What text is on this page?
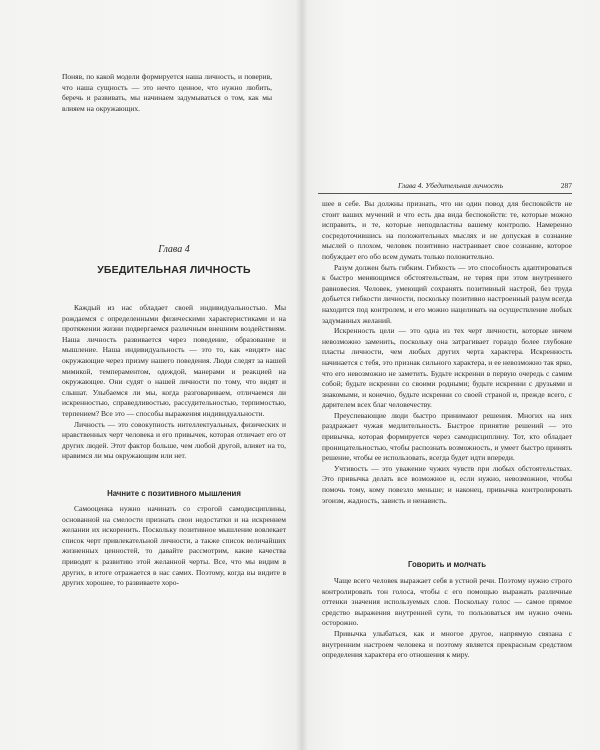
Поняв, по какой модели формируется наша личность, и поверив, что наша сущность — это нечто ценное, что нужно любить, беречь и развивать, мы начинаем задумываться о том, как мы влияем на окружающих.

Глава 4
УБЕДИТЕЛЬНАЯ ЛИЧНОСТЬ

Каждый из нас обладает своей индивидуальностью. Мы рождаемся с определенными физическими характеристиками и на протяжении жизни подвергаемся различным внешним воздействиям. Наша личность развивается через поведение, образование и мышление. Наша индивидуальность — это то, как «видят» нас окружающие через призму нашего поведения. Люди следят за нашей мимикой, темпераментом, одеждой, манерами и реакцией на окружающее. Они судят о нашей личности по тому, что видят и слышат. Улыбаемся ли мы, когда разговариваем, отличаемся ли искренностью, справедливостью, рассудительностью, терпимостью, терпением? Все это — способы выражения индивидуальности.

Личность — это совокупность интеллектуальных, физических и нравственных черт человека и его привычек, которая отличает его от других людей. Этот фактор больше, чем любой другой, влияет на то, нравимся ли мы окружающим или нет.

Начните с позитивного мышления

Самооценка нужно начинать со строгой самодисциплины, основанной на смелости признать свои недостатки и на искреннем желании их искоренить. Поскольку позитивное мышление вовлекает список черт привлекательной личности, а также список величайших жизненных ценностей, то давайте рассмотрим, какие качества приводят к развитию этой желанной черты. Все, что мы видим в других, в итоге отражается в нас самих. Поэтому, когда вы видите в других хорошее, то развиваете хоро-

Глава 4. Убедительная личность	287

шее в себе. Вы должны признать, что ни один повод для беспокойств не стоит ваших мучений и что есть два вида беспокойств: те, которые можно исправить, и те, которые неподвластны вашему контролю. Намеренно сосредоточившись на положительных мыслях и не допуская в сознание мыслей о плохом, человек позитивно настраивает свое сознание, которое побуждает его обо всем думать только положительно.

Разум должен быть гибким. Гибкость — это способность адаптироваться к быстро меняющимся обстоятельствам, не теряя при этом внутреннего равновесия. Человек, умеющий сохранять позитивный настрой, без труда добьется гибкости личности, поскольку позитивно настроенный разум всегда находится под контролем, и его можно нацеливать на осуществление любых задуманных желаний.

Искренность цели — это одна из тех черт личности, которые ничем невозможно заменить, поскольку она затрагивает гораздо более глубокие пласты личности, чем любых других черта характера. Искренность начинается с тебя, это признак сильного характера, и ее невозможно так ярко, что его невозможно не заметить. Будьте искренни в первую очередь с самим собой; будьте искренни со своими родными; будьте искренни с друзьями и знакомыми, и конечно, будьте искренни со своей страной и, прежде всего, с дарителем всех благ человечеству.

Преуспевающие люди быстро принимают решения. Многих на них раздражает чужая медлительность. Быстрое принятие решений — это привычка, которая формируется через самодисциплину. Тот, кто обладает проницательностью, чтобы распознать возможность, и умеет быстро принять решение, чтобы ее использовать, всегда будет идти впереди.

Учтивость — это уважение чужих чувств при любых обстоятельствах. Это привычка делать все возможное и, если нужно, невозможное, чтобы помочь тому, кому повезло меньше; и наконец, привычка контролировать эгоизм, жадность, зависть и ненависть.

Говорить и молчать

Чаще всего человек выражает себя в устной речи. Поэтому нужно строго контролировать тон голоса, чтобы с его помощью выражать различные оттенки значения используемых слов. Поскольку голос — самое прямое средство выражения внутренней сути, то пользоваться им нужно очень осторожно.

Привычка улыбаться, как и многое другое, напрямую связана с внутренним настроем человека и поэтому является прекрасным средством определения характера его отношения к миру.
